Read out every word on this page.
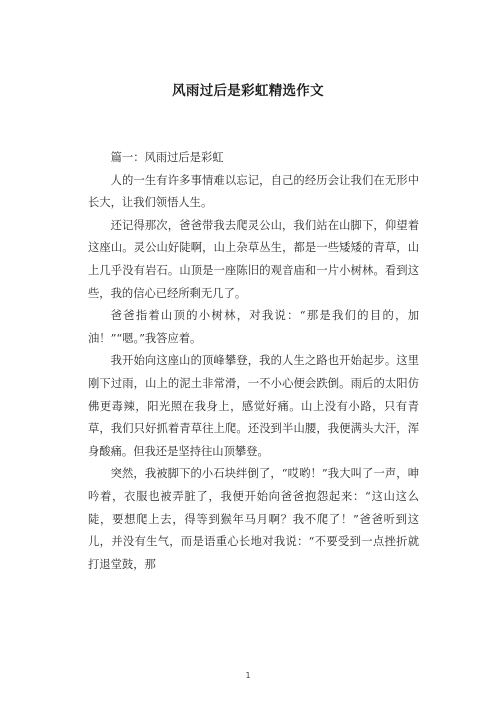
风雨过后是彩虹精选作文

篇一：风雨过后是彩虹

人的一生有许多事情难以忘记，自己的经历会让我们在无形中长大，让我们领悟人生。

还记得那次，爸爸带我去爬灵公山，我们站在山脚下，仰望着这座山。灵公山好陡啊，山上杂草丛生，都是一些矮矮的青草，山上几乎没有岩石。山顶是一座陈旧的观音庙和一片小树林。看到这些，我的信心已经所剩无几了。

爸爸指着山顶的小树林，对我说：“那是我们的目的，加油！”“嗯。”我答应着。

我开始向这座山的顶峰攀登，我的人生之路也开始起步。这里刚下过雨，山上的泥土非常滑，一不小心便会跌倒。雨后的太阳仿佛更毒辣，阳光照在我身上，感觉好痛。山上没有小路，只有青草，我们只好抓着青草往上爬。还没到半山腰，我便满头大汗，浑身酸痛。但我还是坚持往山顶攀登。

突然，我被脚下的小石块绊倒了，“哎哟！”我大叫了一声，呻吟着，衣服也被弄脏了，我便开始向爸爸抱怨起来：“这山这么陡，要想爬上去，得等到猴年马月啊？我不爬了！”爸爸听到这儿，并没有生气，而是语重心长地对我说：“不要受到一点挫折就打退堂鼓，那

1
